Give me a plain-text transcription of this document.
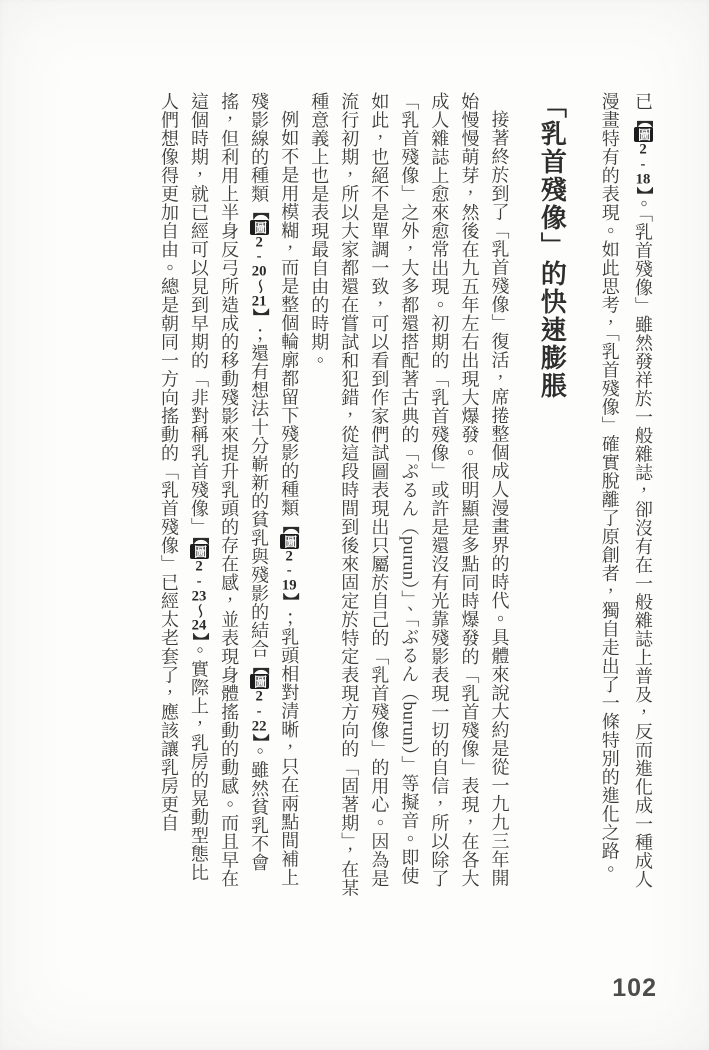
已【圖2-18】。「乳首殘像」雖然發祥於一般雜誌，卻沒有在一般雜誌上普及，反而進化成一種成人漫畫特有的表現。如此思考，「乳首殘像」確實脫離了原創者，獨自走出了一條特別的進化之路。

「乳首殘像」的快速膨脹

接著終於到了「乳首殘像」復活，席捲整個成人漫畫界的時代。具體來說大約是從一九九三年開始慢慢萌芽，然後在九五年左右出現大爆發。很明顯是多點同時爆發的「乳首殘像」表現，在各大成人雜誌上愈來愈常出現。初期的「乳首殘像」或許是還沒有光靠殘影表現一切的自信，所以除了「乳首殘像」之外，大多都還搭配著古典的「ぷるん（purun）」、「ぶるん（burun）」等擬音。即使如此，也絕不是單調一致，可以看到作家們試圖表現出只屬於自己的「乳首殘像」的用心。因為是流行初期，所以大家都還在嘗試和犯錯，從這段時間到後來固定於特定表現方向的「固著期」，在某種意義上也是表現最自由的時期。

例如不是用模糊，而是整個輪廓都留下殘影的種類【圖2-19】；乳頭相對清晰，只在兩點間補上殘影線的種類【圖2-20～21】；還有想法十分嶄新的貧乳與殘影的結合【圖2-22】。雖然貧乳不會搖，但利用上半身反弓所造成的移動殘影來提升乳頭的存在感，並表現身體搖動的動感。而且早在這個時期，就已經可以見到早期的「非對稱乳首殘像」【圖2-23～24】。實際上，乳房的晃動型態比人們想像得更加自由。總是朝同一方向搖動的「乳首殘像」已經太老套了，應該讓乳房更自

102
